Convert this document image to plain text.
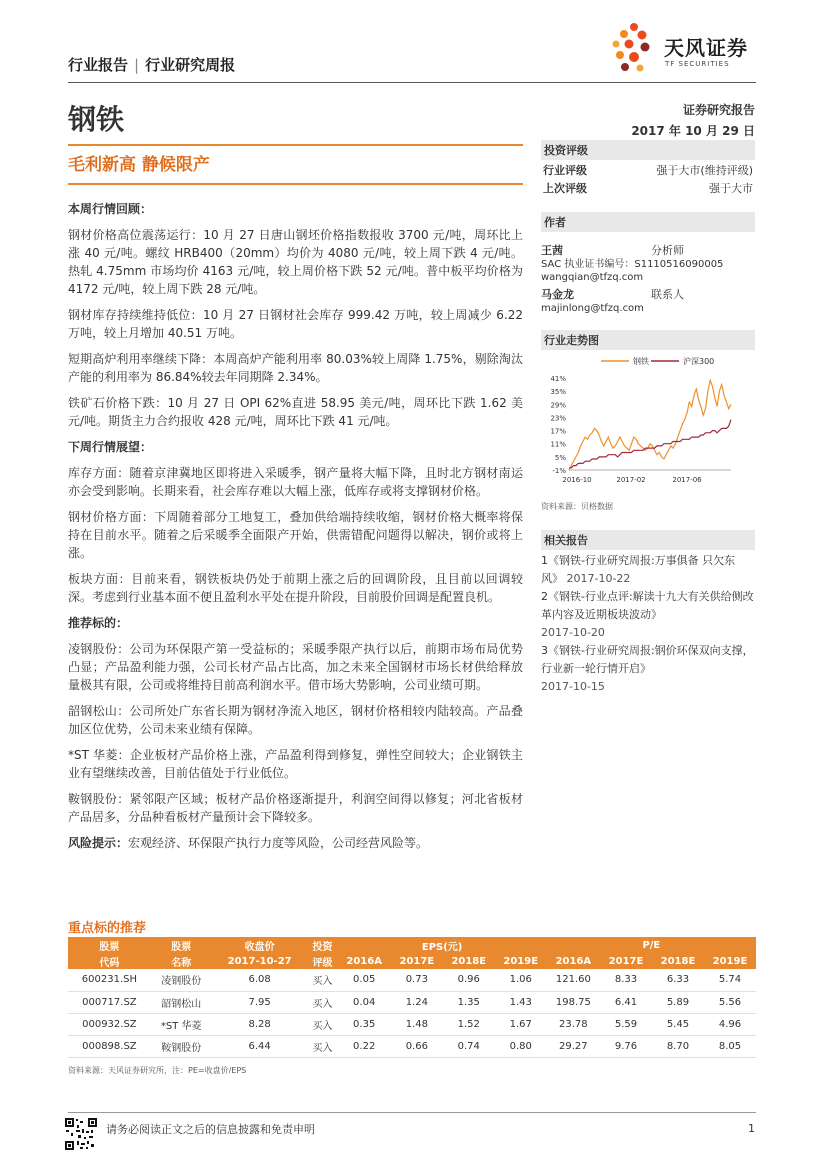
行业报告 | 行业研究周报
天风证券
TF SECURITIES
钢铁	证券研究报告
2017 年 10 月 29 日
毛利新高 静候限产
本周行情回顾：

钢材价格高位震荡运行：10 月 27 日唐山钢坯价格指数报收 3700 元/吨，周环比上涨 40 元/吨。螺纹 HRB400（20mm）均价为 4080 元/吨，较上周下跌 4 元/吨。热轧 4.75mm 市场均价 4163 元/吨，较上周价格下跌 52 元/吨。普中板平均价格为 4172 元/吨，较上周下跌 28 元/吨。

钢材库存持续维持低位：10 月 27 日钢材社会库存 999.42 万吨，较上周减少 6.22 万吨，较上月增加 40.51 万吨。

短期高炉利用率继续下降：本周高炉产能利用率 80.03%较上周降 1.75%，剔除淘汰产能的利用率为 86.84%较去年同期降 2.34%。

铁矿石价格下跌：10 月 27 日 OPI 62%直进 58.95 美元/吨，周环比下跌 1.62 美元/吨。期货主力合约报收 428 元/吨，周环比下跌 41 元/吨。

下周行情展望：

库存方面：随着京津冀地区即将进入采暖季，钢产量将大幅下降，且时北方钢材南运亦会受到影响。长期来看，社会库存难以大幅上涨，低库存或将支撑钢材价格。

钢材价格方面：下周随着部分工地复工，叠加供给端持续收缩，钢材价格大概率将保持在目前水平。随着之后采暖季全面限产开始，供需错配问题得以解决，钢价或将上涨。

板块方面：目前来看，钢铁板块仍处于前期上涨之后的回调阶段，且目前以回调较深。考虑到行业基本面不便且盈利水平处在提升阶段，目前股价回调是配置良机。

推荐标的：

凌钢股份：公司为环保限产第一受益标的；采暖季限产执行以后，前期市场布局优势凸显；产品盈利能力强，公司长材产品占比高，加之未来全国钢材市场长材供给释放量极其有限，公司或将维持目前高利润水平。借市场大势影响，公司业绩可期。

韶钢松山：公司所处广东省长期为钢材净流入地区，钢材价格相较内陆较高。产品叠加区位优势，公司未来业绩有保障。

*ST 华菱：企业板材产品价格上涨，产品盈利得到修复，弹性空间较大；企业钢铁主业有望继续改善，目前估值处于行业低位。

鞍钢股份：紧邻限产区域；板材产品价格逐渐提升，利润空间得以修复；河北省板材产品居多，分品种看板材产量预计会下降较多。

风险提示：宏观经济、环保限产执行力度等风险，公司经营风险等。

投资评级
行业评级	强于大市(维持评级)
上次评级	强于大市
作者
王茜	分析师
SAC 执业证书编号：S1110516090005
wangqian@tfzq.com
马金龙	联系人
majinlong@tfzq.com
行业走势图
钢铁	沪深300
41%
35%
29%
23%
17%
11%
5%
-1%
2016-10	2017-02	2017-06
资料来源：贝格数据
相关报告
1《钢铁-行业研究周报:万事俱备 只欠东风》 2017-10-22
2《钢铁-行业点评:解读十九大有关供给侧改革内容及近期板块波动》
2017-10-20
3《钢铁-行业研究周报:钢价环保双向支撑，行业新一轮行情开启》
2017-10-15
重点标的推荐
股票	股票	收盘价	投资	EPS(元)				P/E			
代码	名称	2017-10-27	评级	2016A	2017E	2018E	2019E	2016A	2017E	2018E	2019E
600231.SH	凌钢股份	6.08	买入	0.05	0.73	0.96	1.06	121.60	8.33	6.33	5.74
000717.SZ	韶钢松山	7.95	买入	0.04	1.24	1.35	1.43	198.75	6.41	5.89	5.56
000932.SZ	*ST 华菱	8.28	买入	0.35	1.48	1.52	1.67	23.78	5.59	5.45	4.96
000898.SZ	鞍钢股份	6.44	买入	0.22	0.66	0.74	0.80	29.27	9.76	8.70	8.05
资料来源：天风证券研究所，注：PE=收盘价/EPS
请务必阅读正文之后的信息披露和免责申明	1
